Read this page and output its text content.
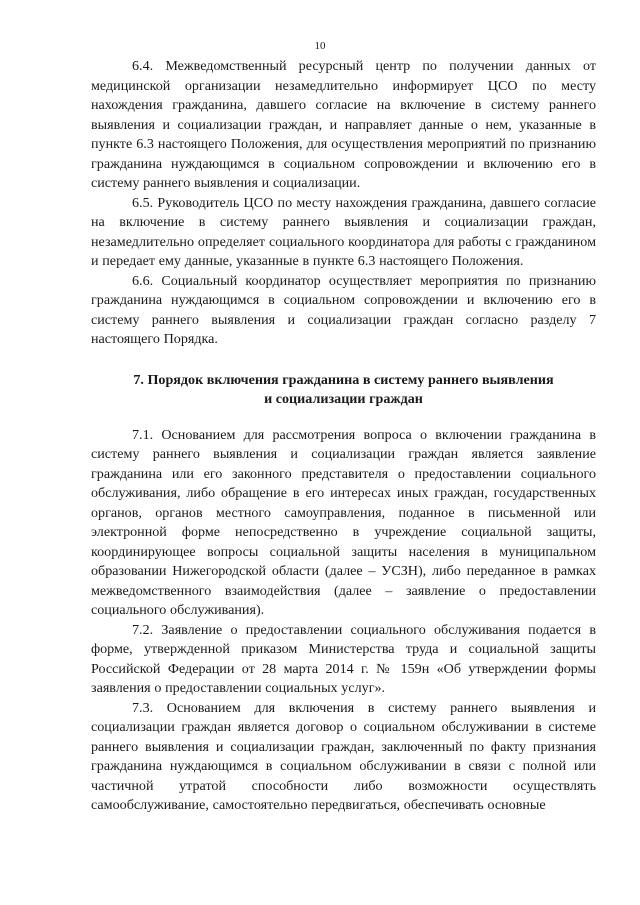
10

6.4. Межведомственный ресурсный центр по получении данных от медицинской организации незамедлительно информирует ЦСО по месту нахождения гражданина, давшего согласие на включение в систему раннего выявления и социализации граждан, и направляет данные о нем, указанные в пункте 6.3 настоящего Положения, для осуществления мероприятий по признанию гражданина нуждающимся в социальном сопровождении и включению его в систему раннего выявления и социализации.

6.5. Руководитель ЦСО по месту нахождения гражданина, давшего согласие на включение в систему раннего выявления и социализации граждан, незамедлительно определяет социального координатора для работы с гражданином и передает ему данные, указанные в пункте 6.3 настоящего Положения.

6.6. Социальный координатор осуществляет мероприятия по признанию гражданина нуждающимся в социальном сопровождении и включению его в систему раннего выявления и социализации граждан согласно разделу 7 настоящего Порядка.

7. Порядок включения гражданина в систему раннего выявления
и социализации граждан

7.1. Основанием для рассмотрения вопроса о включении гражданина в систему раннего выявления и социализации граждан является заявление гражданина или его законного представителя о предоставлении социального обслуживания, либо обращение в его интересах иных граждан, государственных органов, органов местного самоуправления, поданное в письменной или электронной форме непосредственно в учреждение социальной защиты, координирующее вопросы социальной защиты населения в муниципальном образовании Нижегородской области (далее – УСЗН), либо переданное в рамках межведомственного взаимодействия (далее – заявление о предоставлении социального обслуживания).

7.2. Заявление о предоставлении социального обслуживания подается в форме, утвержденной приказом Министерства труда и социальной защиты Российской Федерации от 28 марта 2014 г. № 159н «Об утверждении формы заявления о предоставлении социальных услуг».

7.3. Основанием для включения в систему раннего выявления и социализации граждан является договор о социальном обслуживании в системе раннего выявления и социализации граждан, заключенный по факту признания гражданина нуждающимся в социальном обслуживании в связи с полной или частичной утратой способности либо возможности осуществлять самообслуживание, самостоятельно передвигаться, обеспечивать основные
